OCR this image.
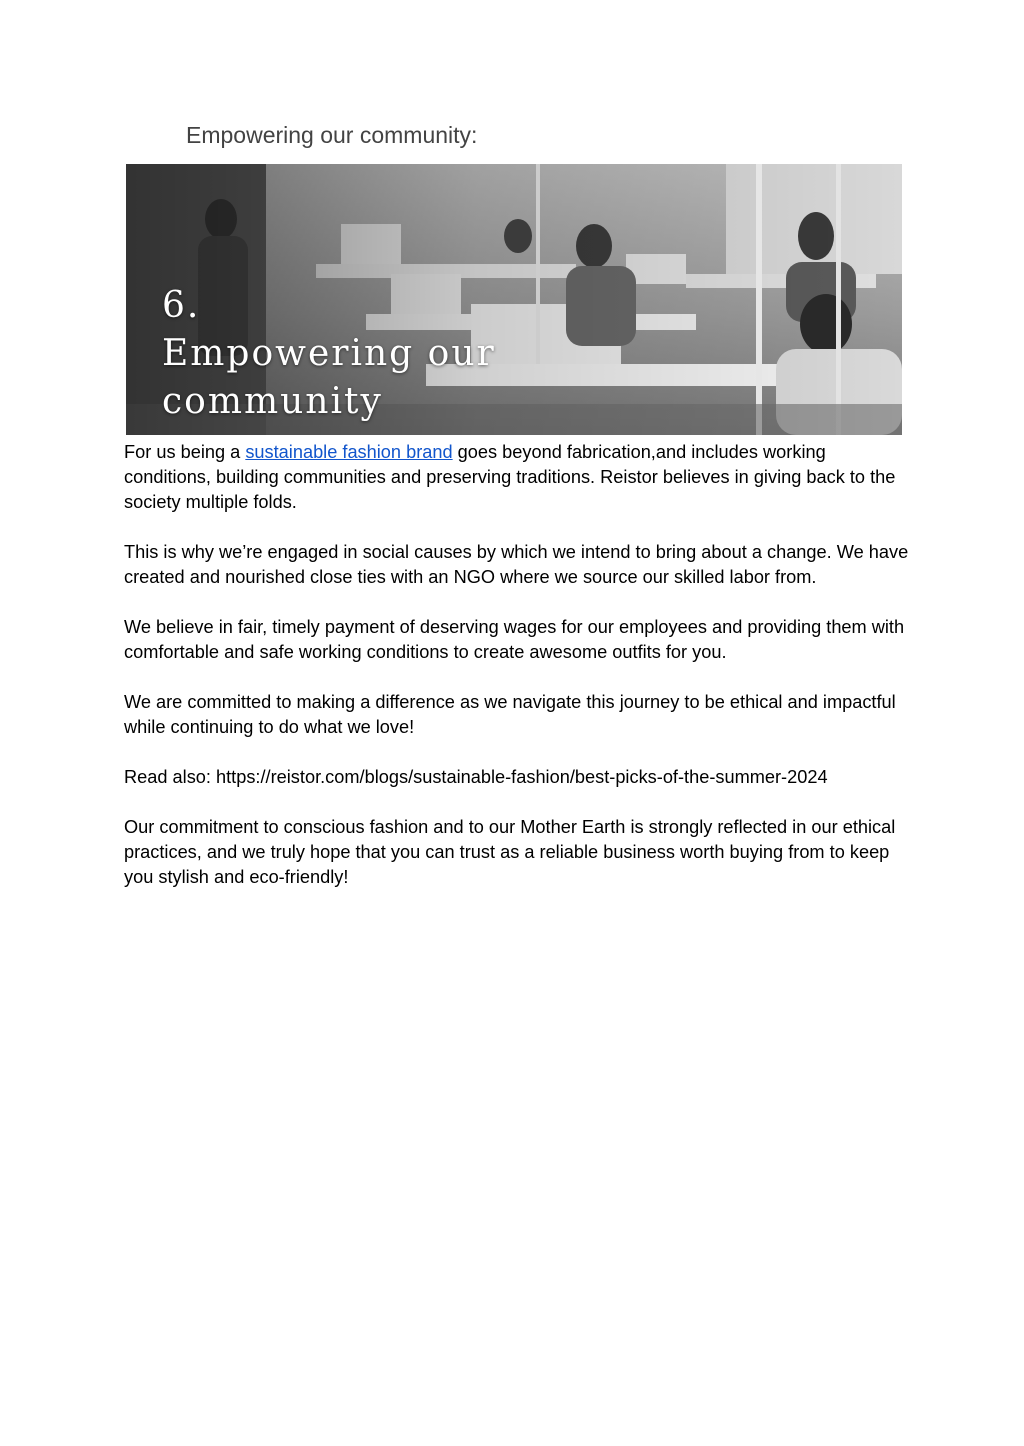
Empowering our community:
6.
Empowering our
community

For us being a sustainable fashion brand goes beyond fabrication,and includes working conditions, building communities and preserving traditions. Reistor believes in giving back to the society multiple folds.

This is why we’re engaged in social causes by which we intend to bring about a change. We have created and nourished close ties with an NGO where we source our skilled labor from.

We believe in fair, timely payment of deserving wages for our employees and providing them with comfortable and safe working conditions to create awesome outfits for you.

We are committed to making a difference as we navigate this journey to be ethical and impactful while continuing to do what we love!

Read also: https://reistor.com/blogs/sustainable-fashion/best-picks-of-the-summer-2024

Our commitment to conscious fashion and to our Mother Earth is strongly reflected in our ethical practices, and we truly hope that you can trust as a reliable business worth buying from to keep you stylish and eco-friendly!
